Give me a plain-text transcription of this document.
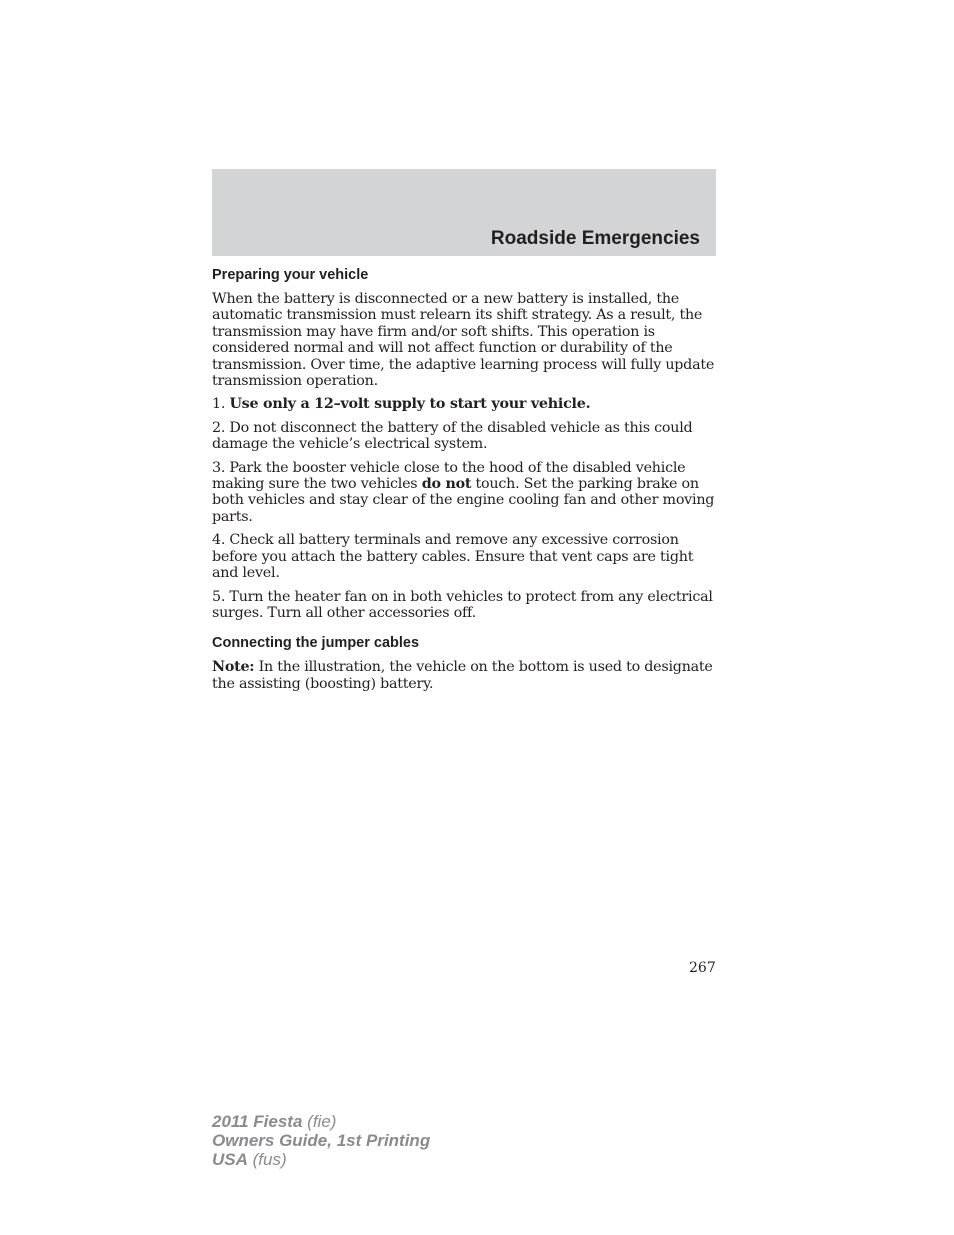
Roadside Emergencies
Preparing your vehicle

When the battery is disconnected or a new battery is installed, the automatic transmission must relearn its shift strategy. As a result, the transmission may have firm and/or soft shifts. This operation is considered normal and will not affect function or durability of the transmission. Over time, the adaptive learning process will fully update transmission operation.

1. Use only a 12–volt supply to start your vehicle.

2. Do not disconnect the battery of the disabled vehicle as this could damage the vehicle’s electrical system.

3. Park the booster vehicle close to the hood of the disabled vehicle making sure the two vehicles do not touch. Set the parking brake on both vehicles and stay clear of the engine cooling fan and other moving parts.

4. Check all battery terminals and remove any excessive corrosion before you attach the battery cables. Ensure that vent caps are tight and level.

5. Turn the heater fan on in both vehicles to protect from any electrical surges. Turn all other accessories off.

Connecting the jumper cables

Note: In the illustration, the vehicle on the bottom is used to designate the assisting (boosting) battery.

267
2011 Fiesta (fie)
Owners Guide, 1st Printing
USA (fus)
